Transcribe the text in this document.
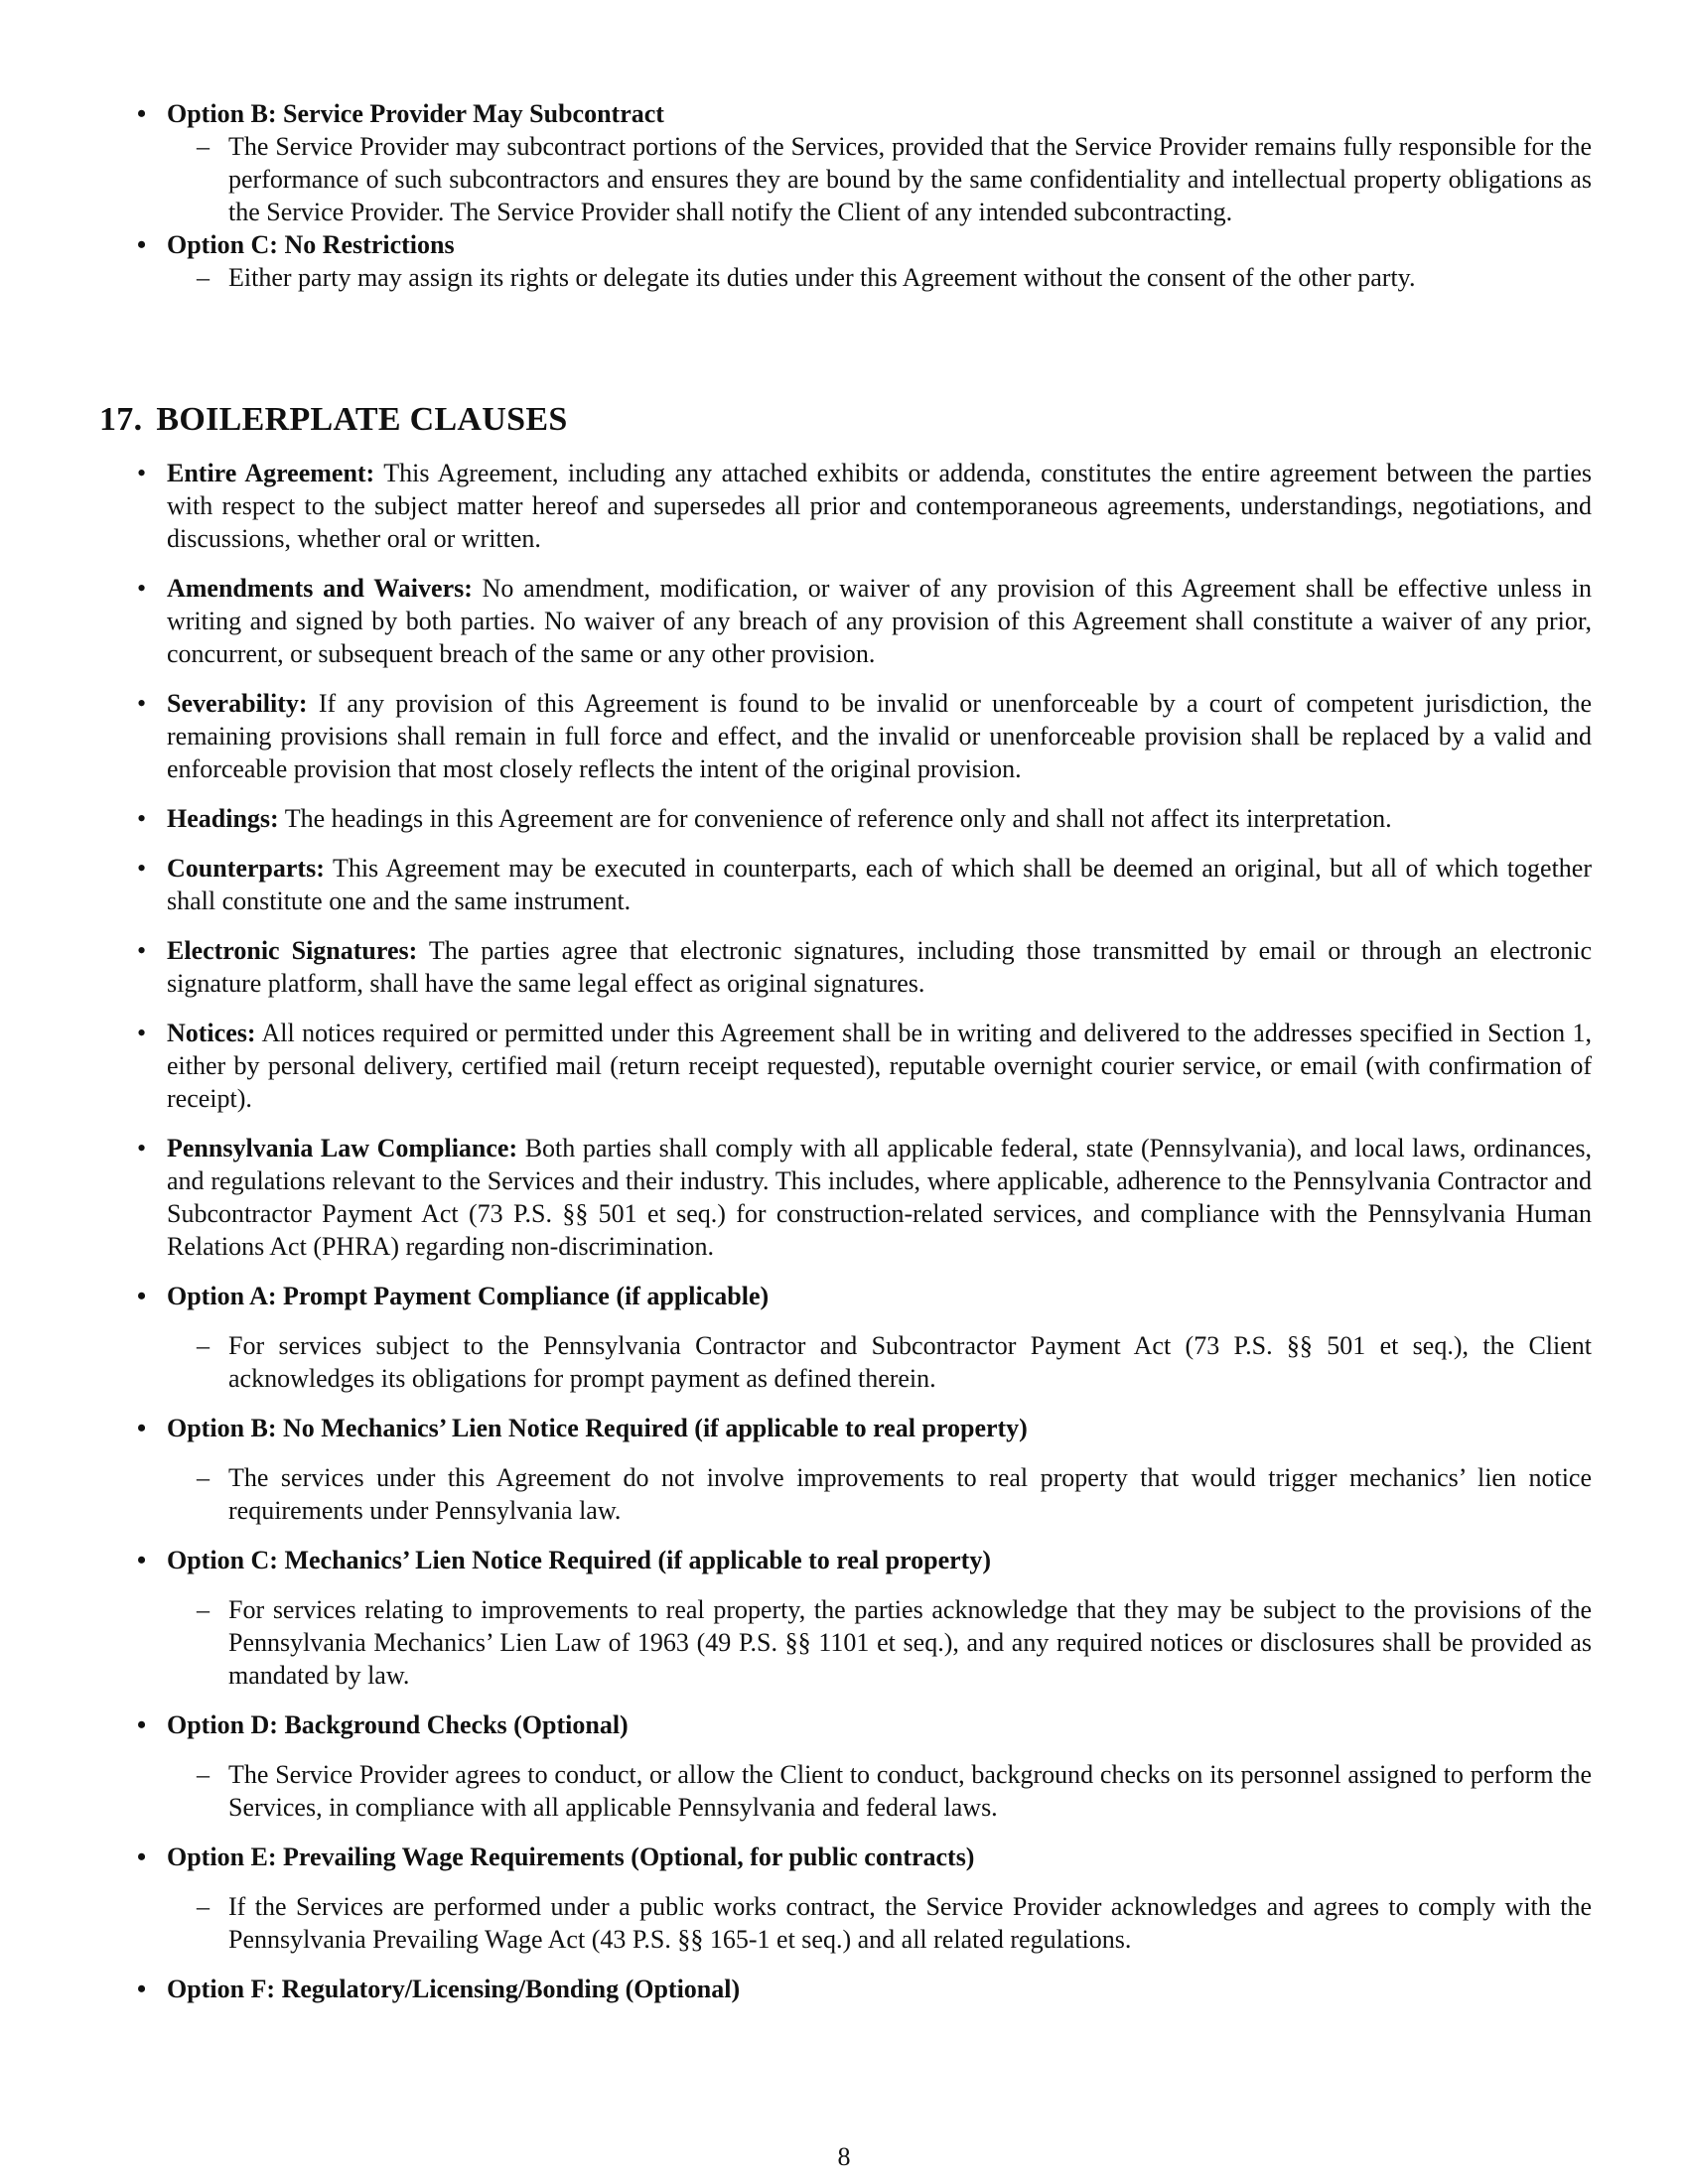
• Option B: Service Provider May Subcontract
– The Service Provider may subcontract portions of the Services, provided that the Service Provider remains fully responsible for the performance of such subcontractors and ensures they are bound by the same confidentiality and intellectual property obligations as the Service Provider. The Service Provider shall notify the Client of any intended subcontracting.
• Option C: No Restrictions
– Either party may assign its rights or delegate its duties under this Agreement without the consent of the other party.
17. BOILERPLATE CLAUSES
• Entire Agreement: This Agreement, including any attached exhibits or addenda, constitutes the entire agreement between the parties with respect to the subject matter hereof and supersedes all prior and contemporaneous agreements, understandings, negotiations, and discussions, whether oral or written.
• Amendments and Waivers: No amendment, modification, or waiver of any provision of this Agreement shall be effective unless in writing and signed by both parties. No waiver of any breach of any provision of this Agreement shall constitute a waiver of any prior, concurrent, or subsequent breach of the same or any other provision.
• Severability: If any provision of this Agreement is found to be invalid or unenforceable by a court of competent jurisdiction, the remaining provisions shall remain in full force and effect, and the invalid or unenforceable provision shall be replaced by a valid and enforceable provision that most closely reflects the intent of the original provision.
• Headings: The headings in this Agreement are for convenience of reference only and shall not affect its interpretation.
• Counterparts: This Agreement may be executed in counterparts, each of which shall be deemed an original, but all of which together shall constitute one and the same instrument.
• Electronic Signatures: The parties agree that electronic signatures, including those transmitted by email or through an electronic signature platform, shall have the same legal effect as original signatures.
• Notices: All notices required or permitted under this Agreement shall be in writing and delivered to the addresses specified in Section 1, either by personal delivery, certified mail (return receipt requested), reputable overnight courier service, or email (with confirmation of receipt).
• Pennsylvania Law Compliance: Both parties shall comply with all applicable federal, state (Pennsylvania), and local laws, ordinances, and regulations relevant to the Services and their industry. This includes, where applicable, adherence to the Pennsylvania Contractor and Subcontractor Payment Act (73 P.S. §§ 501 et seq.) for construction-related services, and compliance with the Pennsylvania Human Relations Act (PHRA) regarding non-discrimination.
• Option A: Prompt Payment Compliance (if applicable)
– For services subject to the Pennsylvania Contractor and Subcontractor Payment Act (73 P.S. §§ 501 et seq.), the Client acknowledges its obligations for prompt payment as defined therein.
• Option B: No Mechanics’ Lien Notice Required (if applicable to real property)
– The services under this Agreement do not involve improvements to real property that would trigger mechanics’ lien notice requirements under Pennsylvania law.
• Option C: Mechanics’ Lien Notice Required (if applicable to real property)
– For services relating to improvements to real property, the parties acknowledge that they may be subject to the provisions of the Pennsylvania Mechanics’ Lien Law of 1963 (49 P.S. §§ 1101 et seq.), and any required notices or disclosures shall be provided as mandated by law.
• Option D: Background Checks (Optional)
– The Service Provider agrees to conduct, or allow the Client to conduct, background checks on its personnel assigned to perform the Services, in compliance with all applicable Pennsylvania and federal laws.
• Option E: Prevailing Wage Requirements (Optional, for public contracts)
– If the Services are performed under a public works contract, the Service Provider acknowledges and agrees to comply with the Pennsylvania Prevailing Wage Act (43 P.S. §§ 165-1 et seq.) and all related regulations.
• Option F: Regulatory/Licensing/Bonding (Optional)
8
